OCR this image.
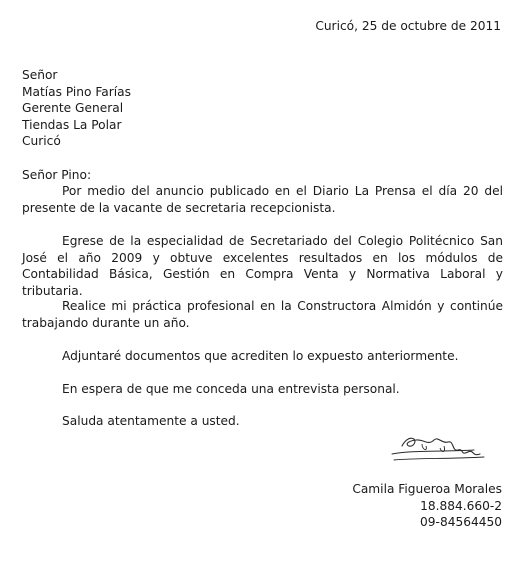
Curicó, 25 de octubre de 2011
Señor
Matías Pino Farías
Gerente General
Tiendas La Polar
Curicó
Señor Pino:

Por medio del anuncio publicado en el Diario La Prensa el día 20 del presente de la vacante de secretaria recepcionista.

Egrese de la especialidad de Secretariado del Colegio Politécnico San José el año 2009 y obtuve excelentes resultados en los módulos de Contabilidad Básica, Gestión en Compra Venta y Normativa Laboral y tributaria.

Realice mi práctica profesional en la Constructora Almidón y continúe trabajando durante un año.

Adjuntaré documentos que acrediten lo expuesto anteriormente.

En espera de que me conceda una entrevista personal.

Saluda atentamente a usted.

Camila Figueroa Morales
18.884.660-2
09-84564450
